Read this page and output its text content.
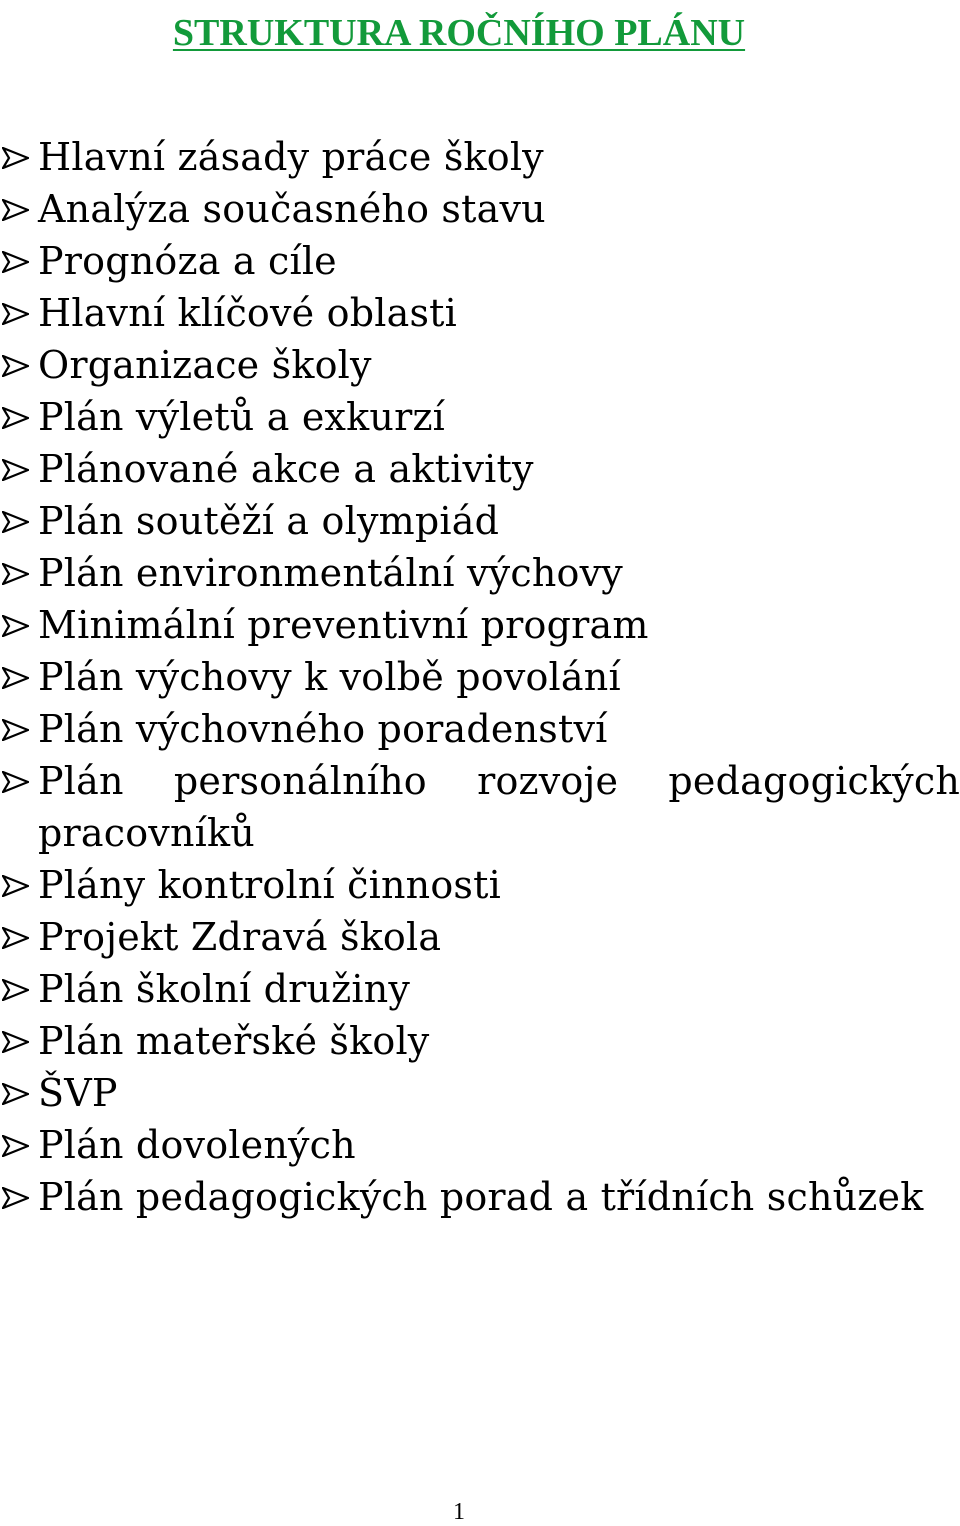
STRUKTURA ROČNÍHO PLÁNU
Hlavní zásady práce školy
Analýza současného stavu
Prognóza a cíle
Hlavní klíčové oblasti
Organizace školy
Plán výletů a exkurzí
Plánované akce a aktivity
Plán soutěží a olympiád
Plán environmentální výchovy
Minimální preventivní program
Plán výchovy k volbě povolání
Plán výchovného poradenství
Plán personálního rozvoje pedagogických pracovníků
Plány kontrolní činnosti
Projekt Zdravá škola
Plán školní družiny
Plán mateřské školy
ŠVP
Plán dovolených
Plán pedagogických porad a třídních schůzek
1
